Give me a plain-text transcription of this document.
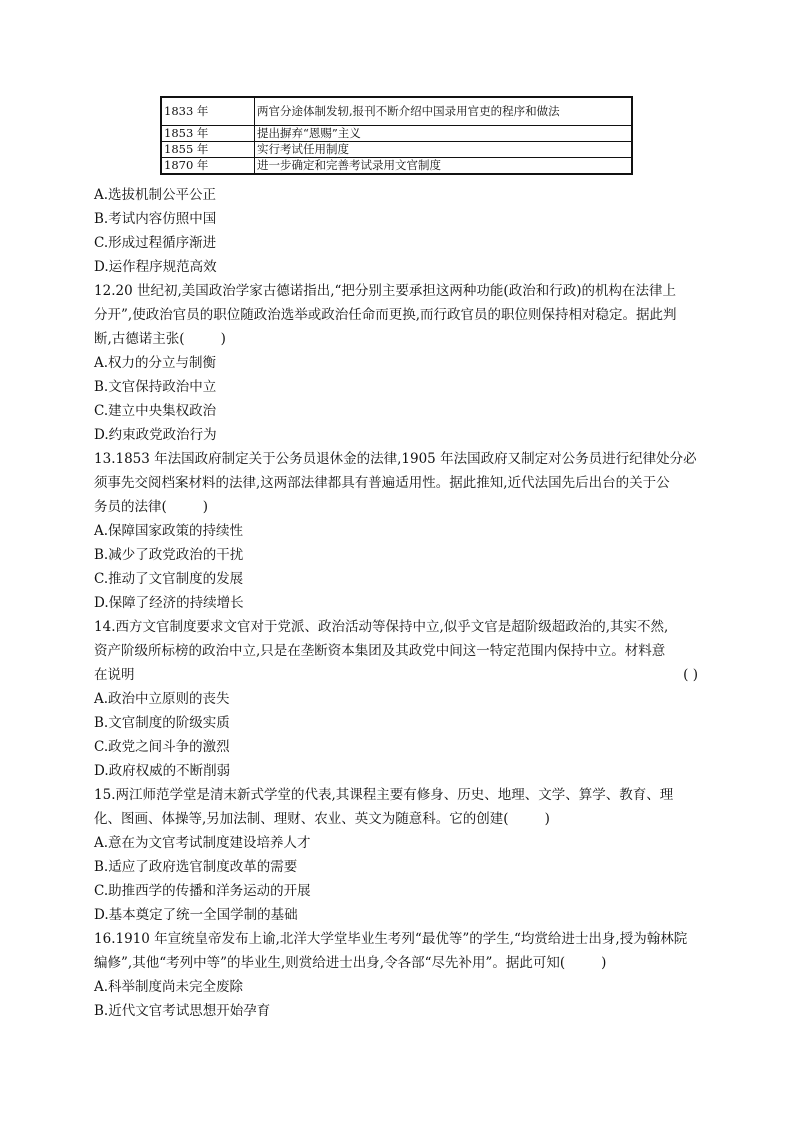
1833 年	两官分途体制发轫,报刊不断介绍中国录用官吏的程序和做法
1853 年	提出摒弃“恩赐”主义
1855 年	实行考试任用制度
1870 年	进一步确定和完善考试录用文官制度
A.选拔机制公平公正
B.考试内容仿照中国
C.形成过程循序渐进
D.运作程序规范高效
12.20 世纪初,美国政治学家古德诺指出,“把分别主要承担这两种功能(政治和行政)的机构在法律上
分开”,使政治官员的职位随政治选举或政治任命而更换,而行政官员的职位则保持相对稳定。据此判
断,古德诺主张(	)
A.权力的分立与制衡
B.文官保持政治中立
C.建立中央集权政治
D.约束政党政治行为
13.1853 年法国政府制定关于公务员退休金的法律,1905 年法国政府又制定对公务员进行纪律处分必
须事先交阅档案材料的法律,这两部法律都具有普遍适用性。据此推知,近代法国先后出台的关于公
务员的法律(	)
A.保障国家政策的持续性
B.减少了政党政治的干扰
C.推动了文官制度的发展
D.保障了经济的持续增长
14.西方文官制度要求文官对于党派、政治活动等保持中立,似乎文官是超阶级超政治的,其实不然,
资产阶级所标榜的政治中立,只是在垄断资本集团及其政党中间这一特定范围内保持中立。材料意
在说明	( )
A.政治中立原则的丧失
B.文官制度的阶级实质
C.政党之间斗争的激烈
D.政府权威的不断削弱
15.两江师范学堂是清末新式学堂的代表,其课程主要有修身、历史、地理、文学、算学、教育、理
化、图画、体操等,另加法制、理财、农业、英文为随意科。它的创建(	)
A.意在为文官考试制度建设培养人才
B.适应了政府选官制度改革的需要
C.助推西学的传播和洋务运动的开展
D.基本奠定了统一全国学制的基础
16.1910 年宣统皇帝发布上谕,北洋大学堂毕业生考列“最优等”的学生,“均赏给进士出身,授为翰林院
编修”,其他“考列中等”的毕业生,则赏给进士出身,令各部“尽先补用”。据此可知(	)
A.科举制度尚未完全废除
B.近代文官考试思想开始孕育
